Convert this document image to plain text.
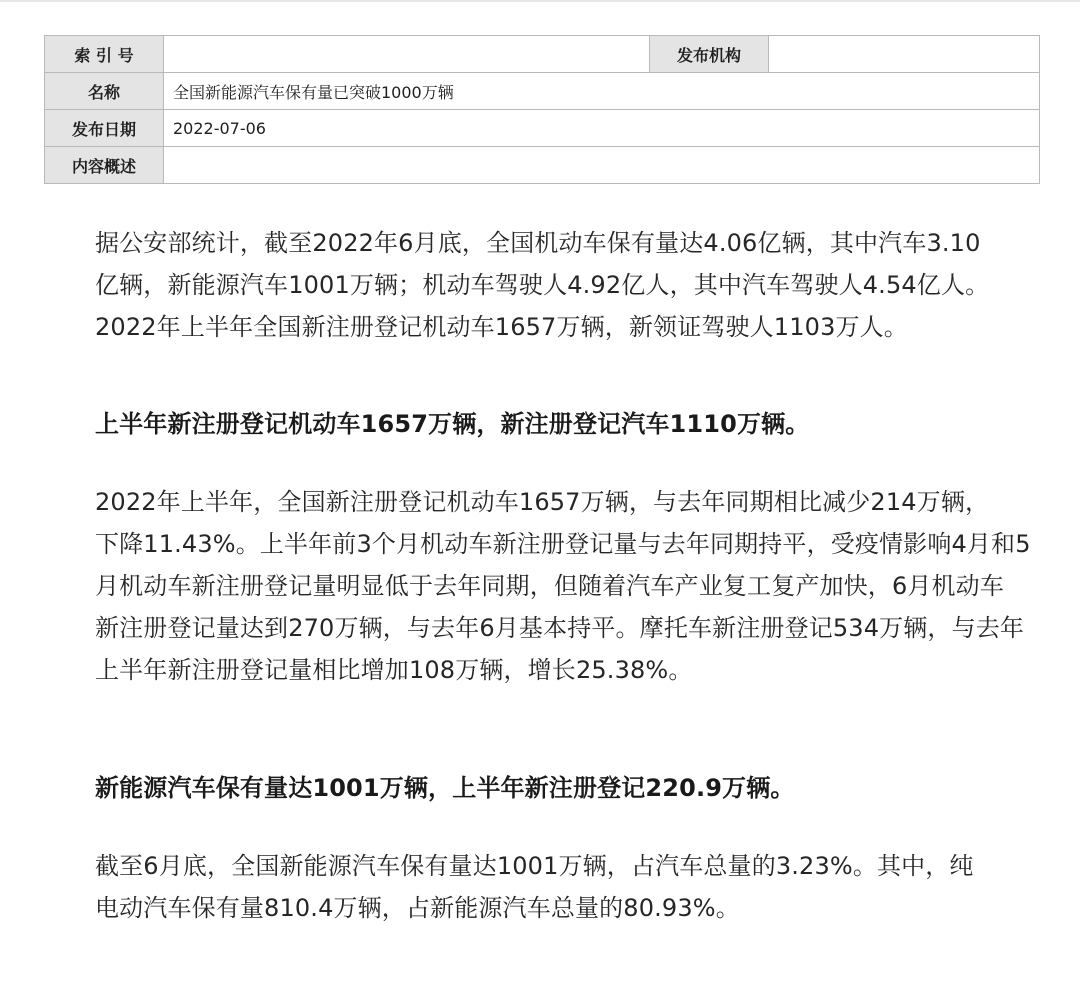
索 引 号		发布机构	
名称	全国新能源汽车保有量已突破1000万辆		
发布日期	2022-07-06		
内容概述			

据公安部统计，截至2022年6月底，全国机动车保有量达4.06亿辆，其中汽车3.10
亿辆，新能源汽车1001万辆；机动车驾驶人4.92亿人，其中汽车驾驶人4.54亿人。
2022年上半年全国新注册登记机动车1657万辆，新领证驾驶人1103万人。

上半年新注册登记机动车1657万辆，新注册登记汽车1110万辆。

2022年上半年，全国新注册登记机动车1657万辆，与去年同期相比减少214万辆，
下降11.43%。上半年前3个月机动车新注册登记量与去年同期持平，受疫情影响4月和5
月机动车新注册登记量明显低于去年同期，但随着汽车产业复工复产加快，6月机动车
新注册登记量达到270万辆，与去年6月基本持平。摩托车新注册登记534万辆，与去年
上半年新注册登记量相比增加108万辆，增长25.38%。

新能源汽车保有量达1001万辆，上半年新注册登记220.9万辆。

截至6月底，全国新能源汽车保有量达1001万辆，占汽车总量的3.23%。其中，纯
电动汽车保有量810.4万辆，占新能源汽车总量的80.93%。
